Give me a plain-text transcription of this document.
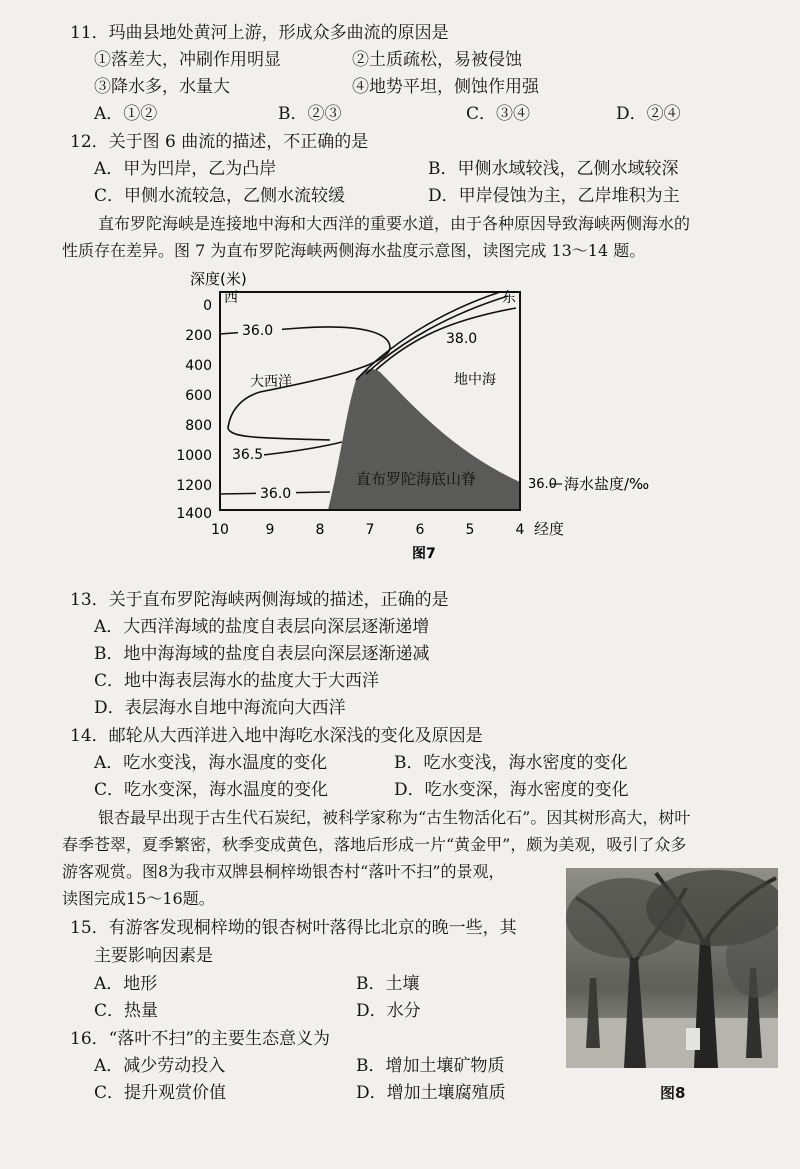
11．玛曲县地处黄河上游，形成众多曲流的原因是
①落差大，冲刷作用明显	②土质疏松，易被侵蚀
③降水多，水量大	④地势平坦，侧蚀作用强
A．①②	B．②③	C．③④	D．②④
12．关于图 6 曲流的描述，不正确的是
A．甲为凹岸，乙为凸岸	B．甲侧水域较浅，乙侧水域较深
C．甲侧水流较急，乙侧水流较缓	D．甲岸侵蚀为主，乙岸堆积为主
直布罗陀海峡是连接地中海和大西洋的重要水道，由于各种原因导致海峡两侧海水的
性质存在差异。图 7 为直布罗陀海峡两侧海水盐度示意图，读图完成 13～14 题。
深度(米)
36.0	38.0
36.5
36.0
大西洋	地中海
直布罗陀海底山脊
西	东
36.0 海水盐度/‰
0
200
400
600
800
1000
1200
1400
10	9	8	7	6	5	4 经度
图7
13．关于直布罗陀海峡两侧海域的描述，正确的是
A．大西洋海域的盐度自表层向深层逐渐递增
B．地中海海域的盐度自表层向深层逐渐递减
C．地中海表层海水的盐度大于大西洋
D．表层海水自地中海流向大西洋
14．邮轮从大西洋进入地中海吃水深浅的变化及原因是
A．吃水变浅，海水温度的变化	B．吃水变浅，海水密度的变化
C．吃水变深，海水温度的变化	D．吃水变深，海水密度的变化
银杏最早出现于古生代石炭纪，被科学家称为“古生物活化石”。因其树形高大，树叶
春季苍翠，夏季繁密，秋季变成黄色，落地后形成一片“黄金甲”，颇为美观，吸引了众多
游客观赏。图8为我市双牌县桐梓坳银杏村“落叶不扫”的景观，
读图完成15～16题。
15．有游客发现桐梓坳的银杏树叶落得比北京的晚一些，其
主要影响因素是
A．地形	B．土壤
C．热量	D．水分
16．“落叶不扫”的主要生态意义为
A．减少劳动投入	B．增加土壤矿物质
C．提升观赏价值	D．增加土壤腐殖质	图8
